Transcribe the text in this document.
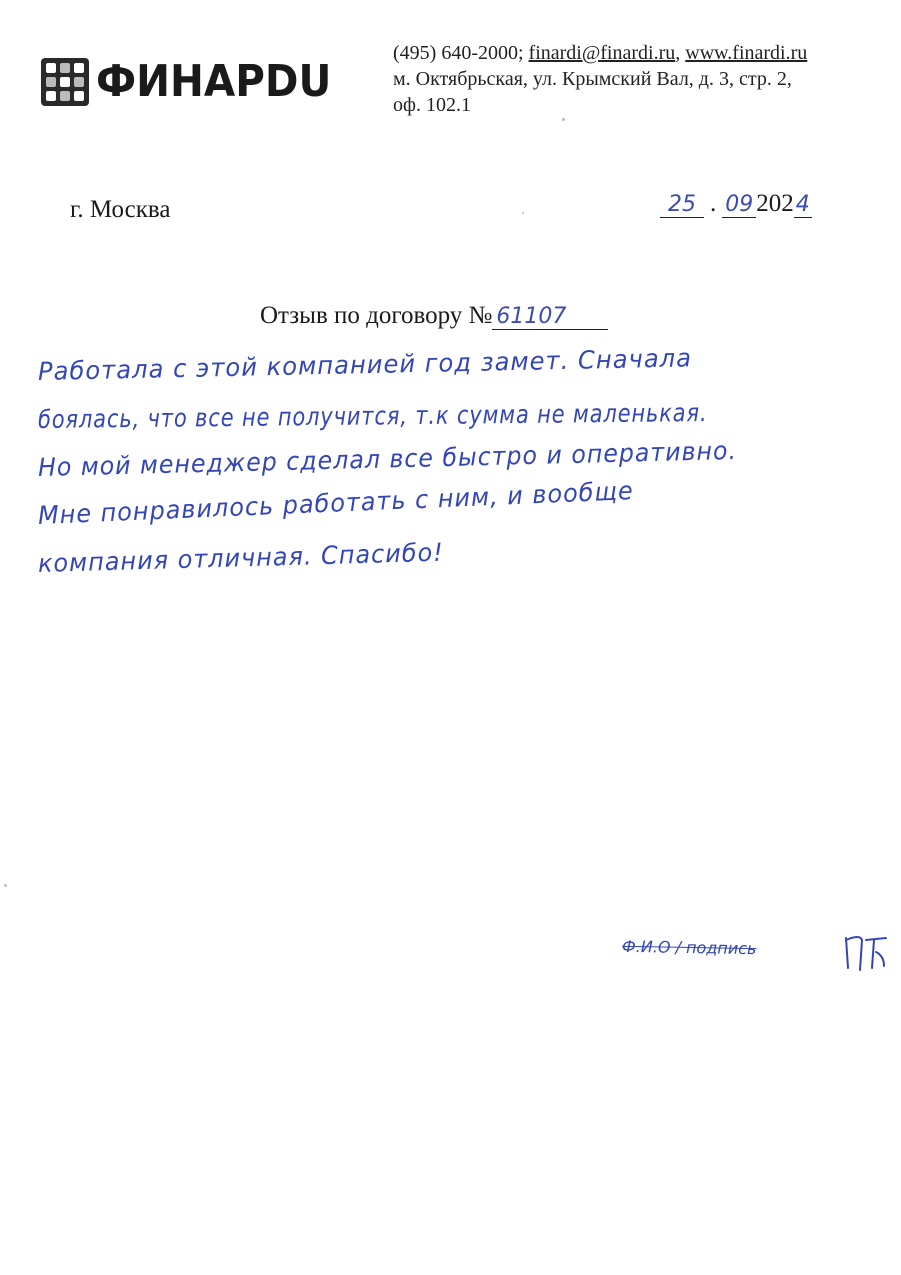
ФИНАРDU
(495) 640-2000; finardi@finardi.ru, www.finardi.ru
м. Октябрьская, ул. Крымский Вал, д. 3, стр. 2,
оф. 102.1
г. Москва	25 . 09 202 4
Отзыв по договору № 61107
Работала с этой компанией год замет. Сначала
боялась, что все не получится, т.к сумма не маленькая.
Но мой менеджер сделал все быстро и оперативно.
Мне понравилось работать с ним, и вообще
компания отличная. Спасибо!
Ф.И.О / подпись
